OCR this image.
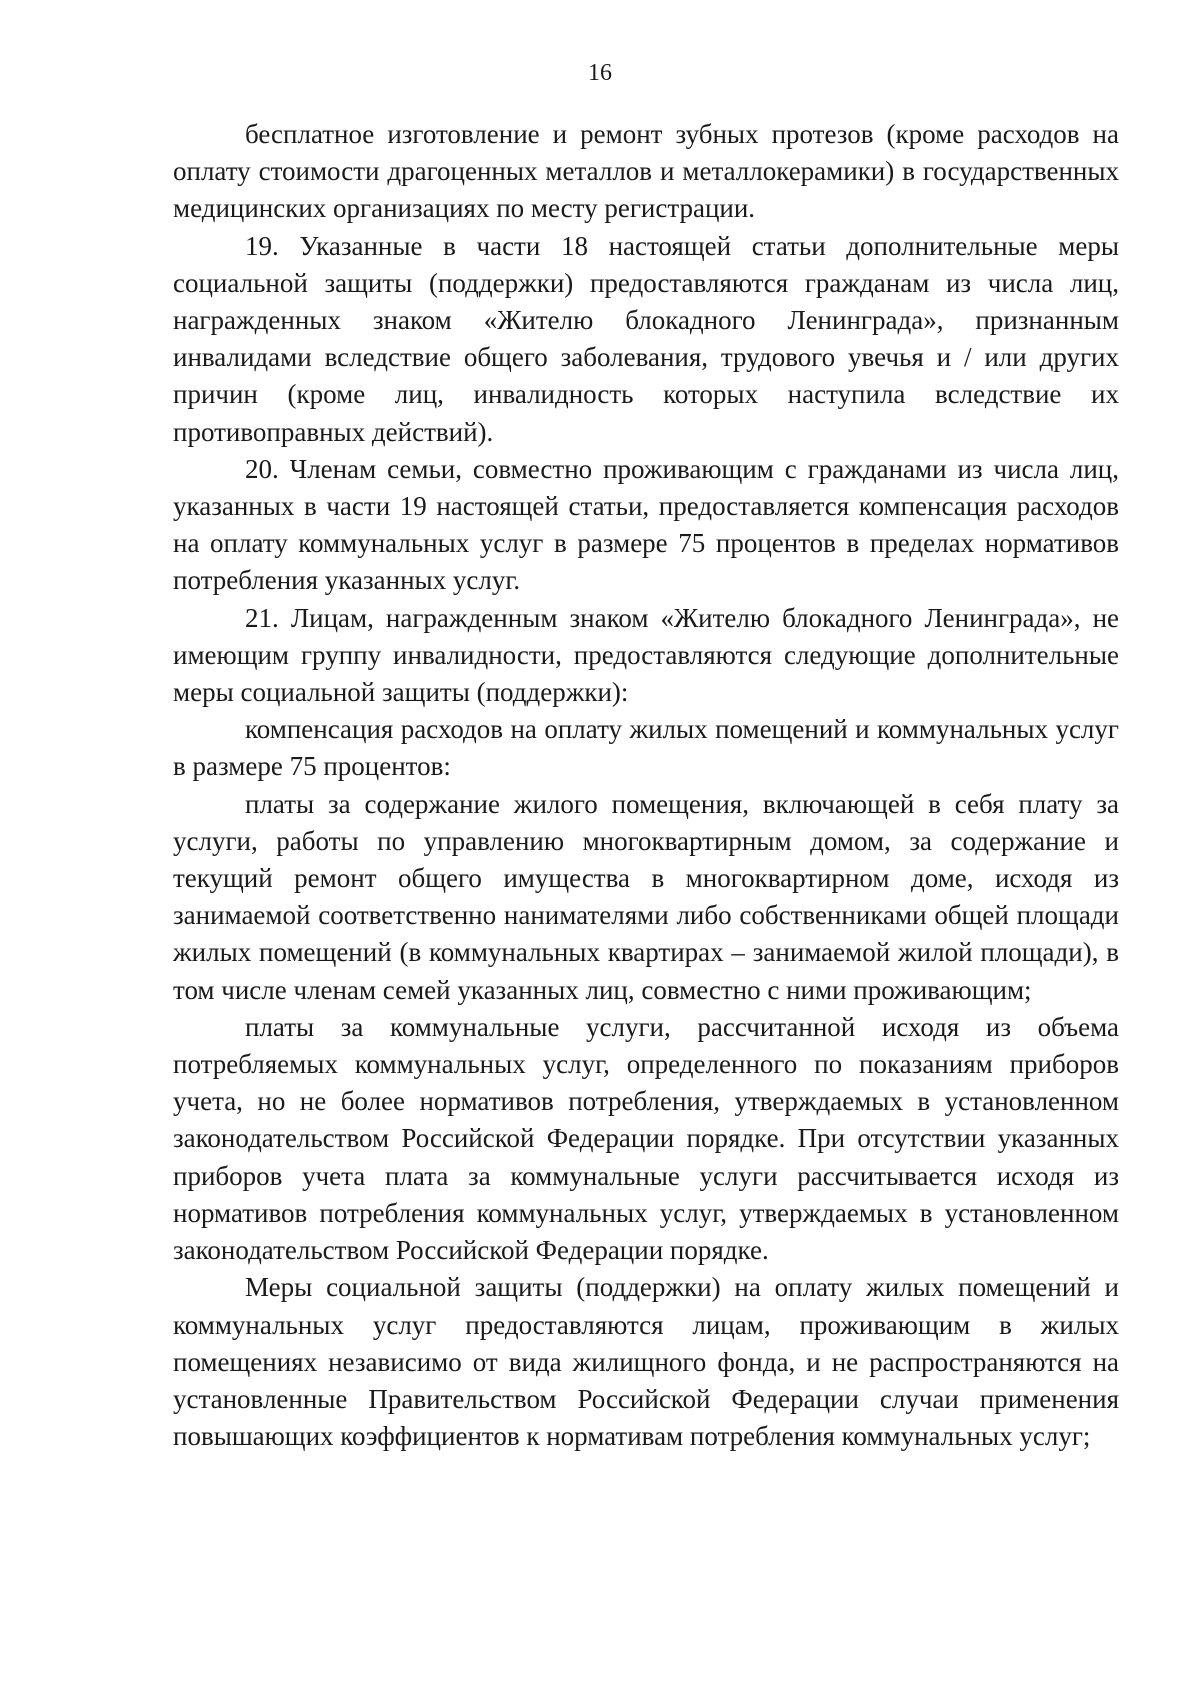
16

бесплатное изготовление и ремонт зубных протезов (кроме расходов на оплату стоимости драгоценных металлов и металлокерамики) в государственных медицинских организациях по месту регистрации.

19. Указанные в части 18 настоящей статьи дополнительные меры социальной защиты (поддержки) предоставляются гражданам из числа лиц, награжденных знаком «Жителю блокадного Ленинграда», признанным инвалидами вследствие общего заболевания, трудового увечья и / или других причин (кроме лиц, инвалидность которых наступила вследствие их противоправных действий).

20. Членам семьи, совместно проживающим с гражданами из числа лиц, указанных в части 19 настоящей статьи, предоставляется компенсация расходов на оплату коммунальных услуг в размере 75 процентов в пределах нормативов потребления указанных услуг.

21. Лицам, награжденным знаком «Жителю блокадного Ленинграда», не имеющим группу инвалидности, предоставляются следующие дополнительные меры социальной защиты (поддержки):

компенсация расходов на оплату жилых помещений и коммунальных услуг в размере 75 процентов:

платы за содержание жилого помещения, включающей в себя плату за услуги, работы по управлению многоквартирным домом, за содержание и текущий ремонт общего имущества в многоквартирном доме, исходя из занимаемой соответственно нанимателями либо собственниками общей площади жилых помещений (в коммунальных квартирах – занимаемой жилой площади), в том числе членам семей указанных лиц, совместно с ними проживающим;

платы за коммунальные услуги, рассчитанной исходя из объема потребляемых коммунальных услуг, определенного по показаниям приборов учета, но не более нормативов потребления, утверждаемых в установленном законодательством Российской Федерации порядке. При отсутствии указанных приборов учета плата за коммунальные услуги рассчитывается исходя из нормативов потребления коммунальных услуг, утверждаемых в установленном законодательством Российской Федерации порядке.

Меры социальной защиты (поддержки) на оплату жилых помещений и коммунальных услуг предоставляются лицам, проживающим в жилых помещениях независимо от вида жилищного фонда, и не распространяются на установленные Правительством Российской Федерации случаи применения повышающих коэффициентов к нормативам потребления коммунальных услуг;
